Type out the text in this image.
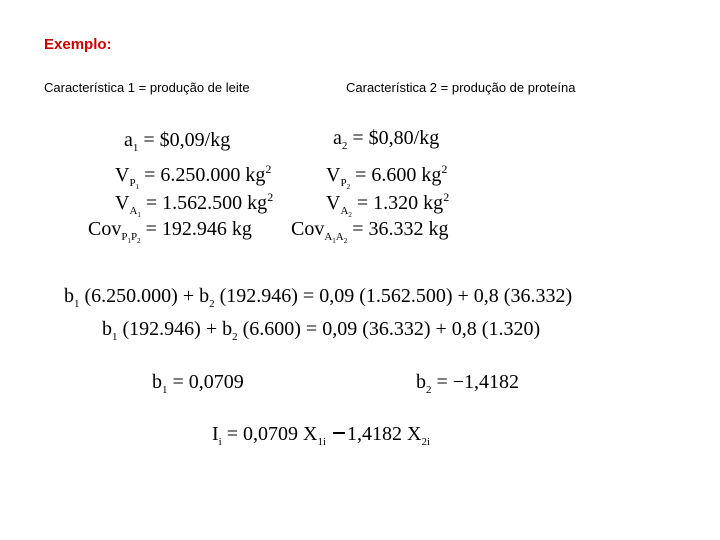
Exemplo:
Característica 1 = produção de leite	Característica 2 = produção de proteína
$a_1$ = $0,09/kg
$V_{P_1} = 6.250.000$ $kg^2$
$V_{A_1} = 1.562.500$ $kg^2$
Cov$_{P_1P_2}$ = 192.946 kg
$a_2$ = $0,80/kg
$V_{P_2} = 6.600$ $kg^2$
$V_{A_2} = 1.320$ $kg^2$
Cov$_{A_1A_2}$ = 36.332 kg
$b_1$ $(6.250.000) + b_2$ (192.946) = 0,09 (1.562.500) + 0,8 (36.332)
$b_1$ $(192.946) + b_2$ (6.600) = 0,09 (36.332) + 0,8 (1.320)
$b_1 = 0,0709$	$b_2 = -1,4182$
$I_i = 0,0709$ $X_{1i}$ 1,4182 $X_{2i}$
